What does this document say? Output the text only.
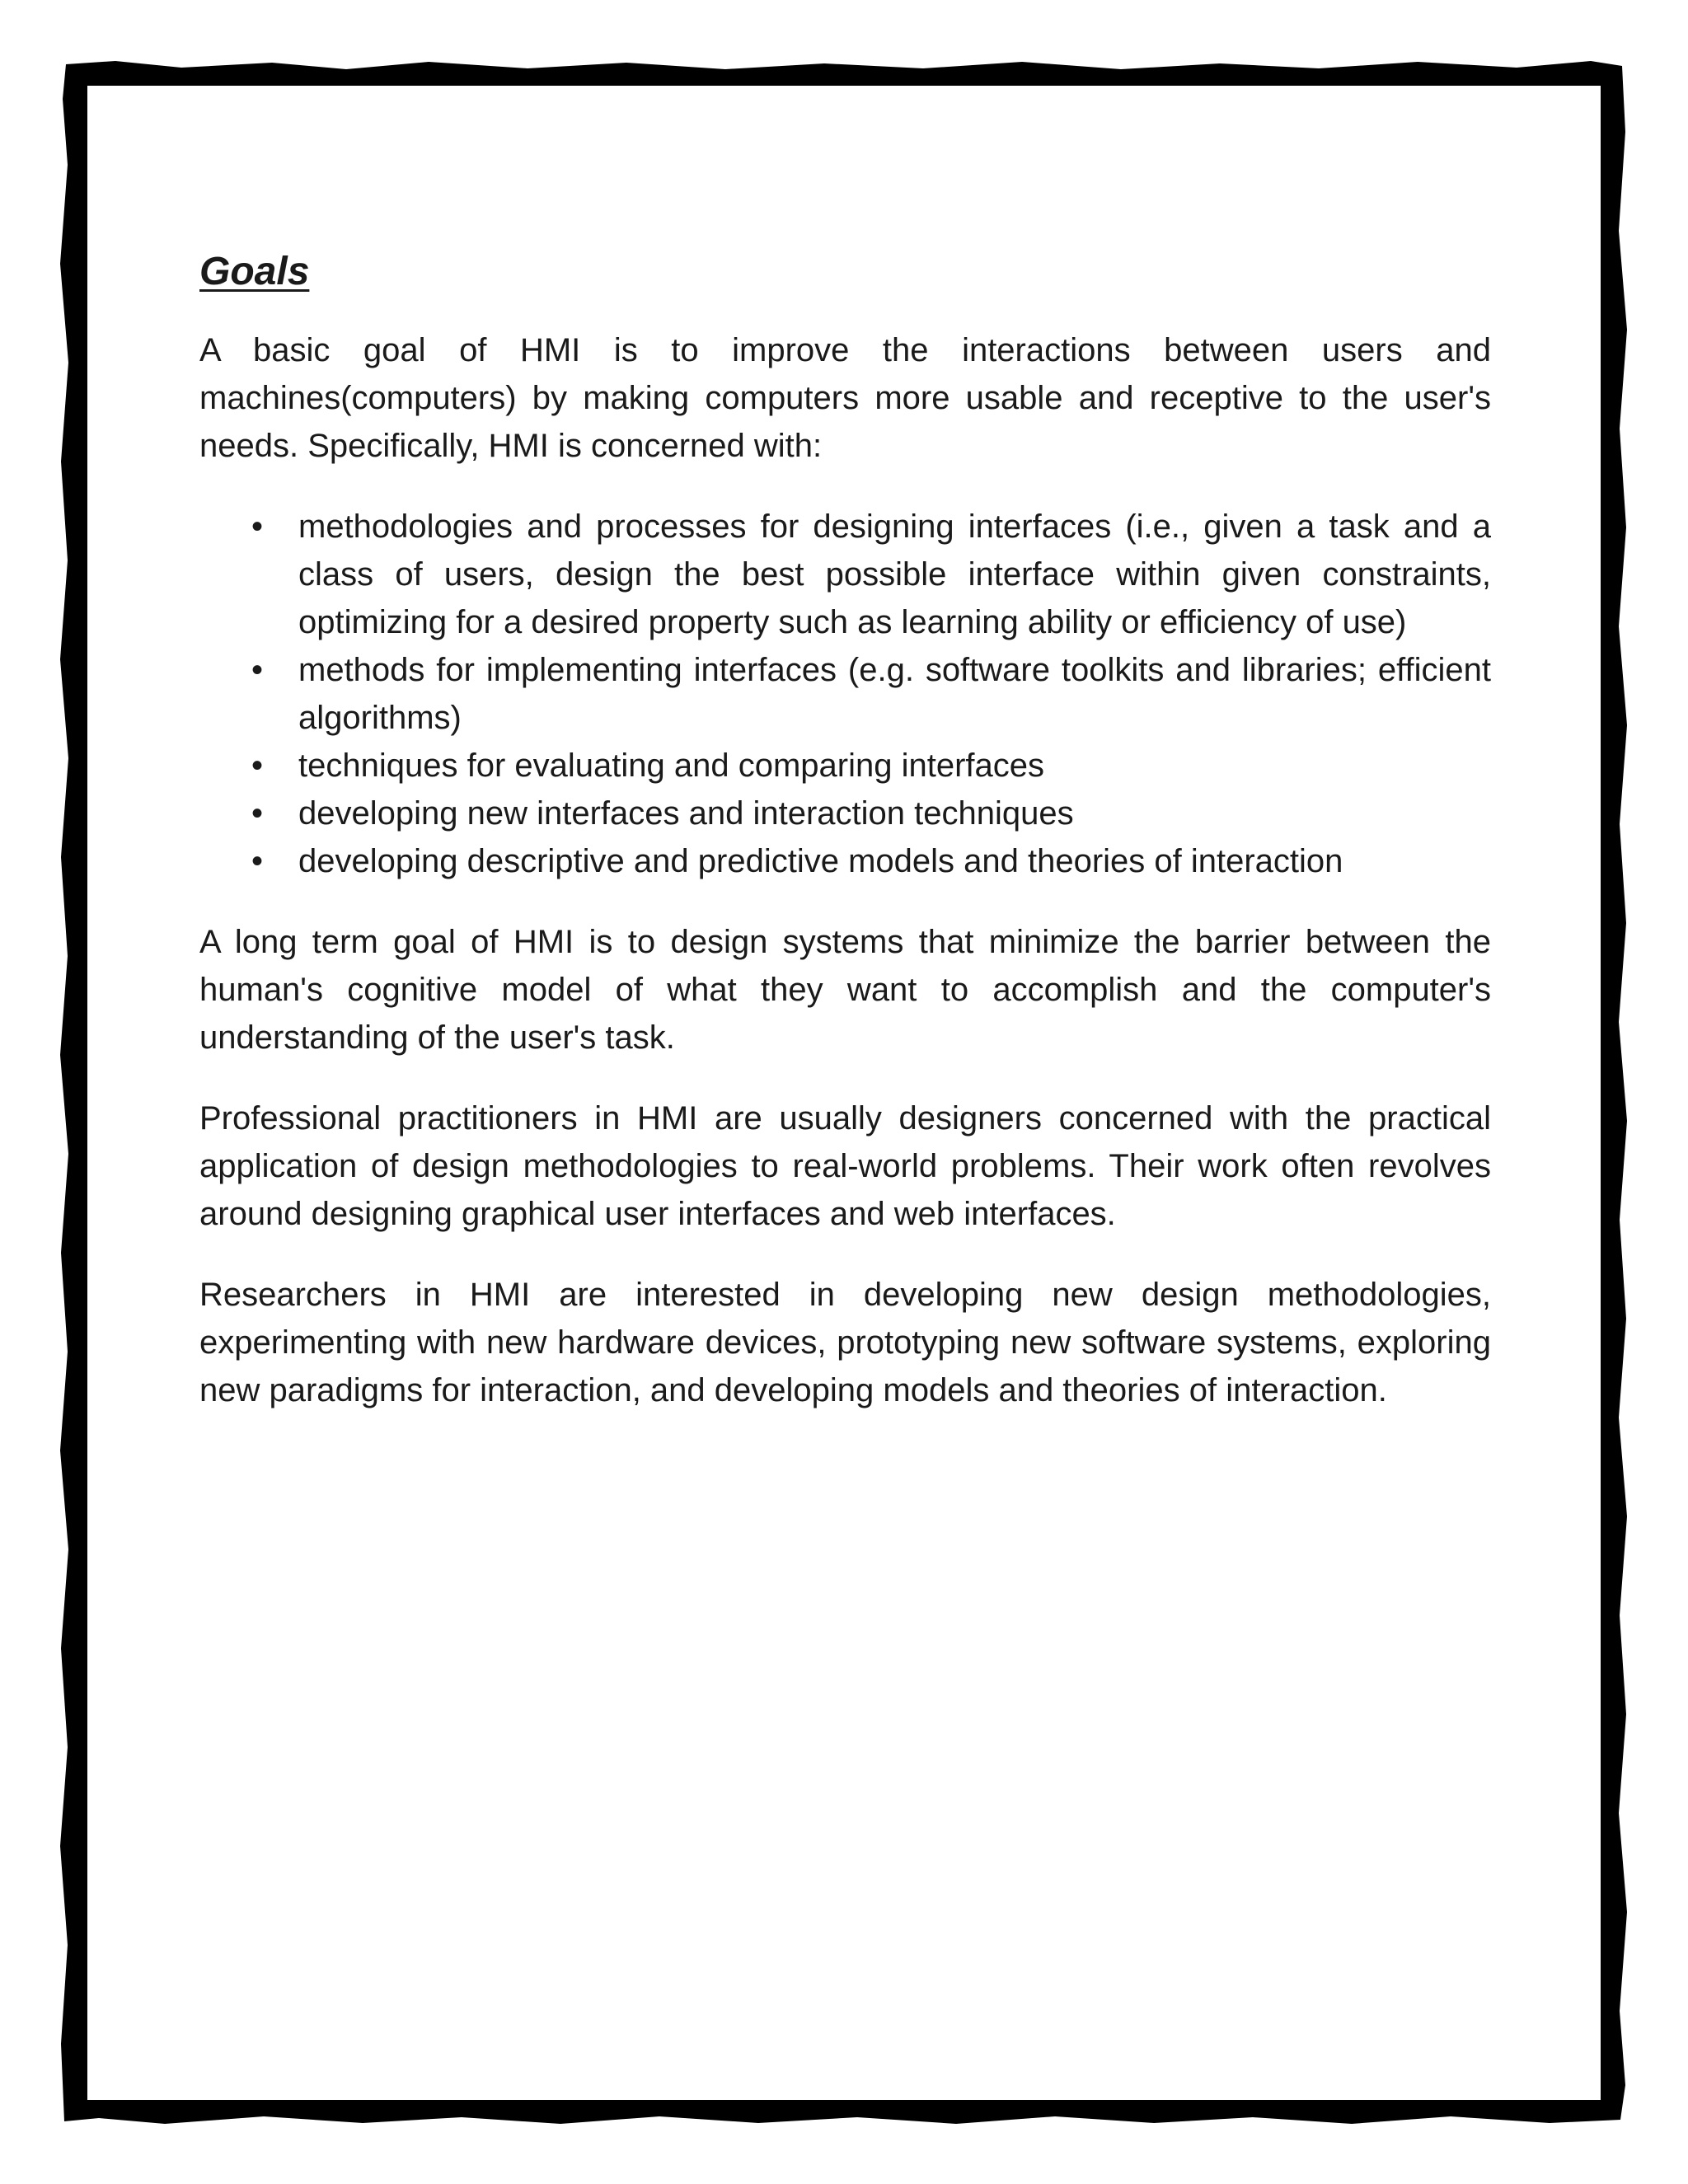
Goals

A basic goal of HMI is to improve the interactions between users and machines(computers) by making computers more usable and receptive to the user's needs. Specifically, HMI is concerned with:

• methodologies and processes for designing interfaces (i.e., given a task and a class of users, design the best possible interface within given constraints, optimizing for a desired property such as learning ability or efficiency of use)
• methods for implementing interfaces (e.g. software toolkits and libraries; efficient algorithms)
• techniques for evaluating and comparing interfaces
• developing new interfaces and interaction techniques
• developing descriptive and predictive models and theories of interaction

A long term goal of HMI is to design systems that minimize the barrier between the human's cognitive model of what they want to accomplish and the computer's understanding of the user's task.

Professional practitioners in HMI are usually designers concerned with the practical application of design methodologies to real-world problems. Their work often revolves around designing graphical user interfaces and web interfaces.

Researchers in HMI are interested in developing new design methodologies, experimenting with new hardware devices, prototyping new software systems, exploring new paradigms for interaction, and developing models and theories of interaction.
